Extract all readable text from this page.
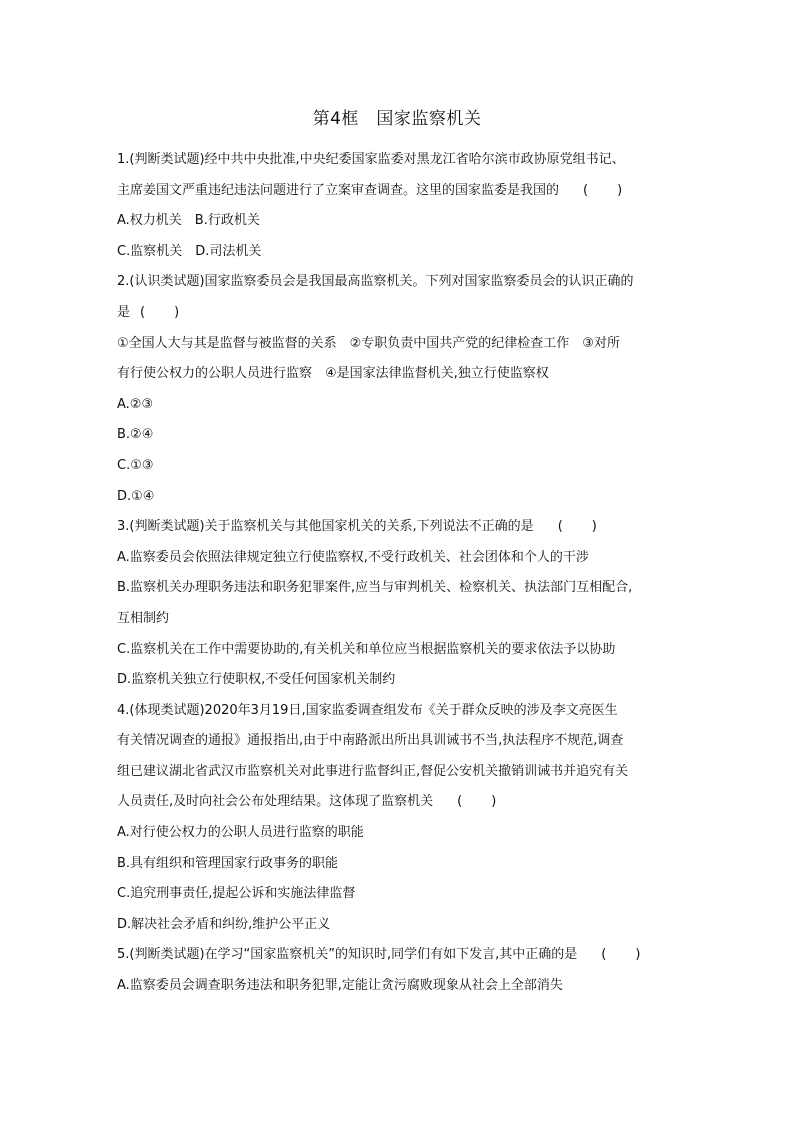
第4框　国家监察机关
1.(判断类试题)经中共中央批准,中央纪委国家监委对黑龙江省哈尔滨市政协原党组书记、
主席姜国文严重违纪违法问题进行了立案审查调查。这里的国家监委是我国的 (　　)
A.权力机关　B.行政机关
C.监察机关　D.司法机关
2.(认识类试题)国家监察委员会是我国最高监察机关。下列对国家监察委员会的认识正确的
是 (　　)
①全国人大与其是监督与被监督的关系　②专职负责中国共产党的纪律检查工作　③对所
有行使公权力的公职人员进行监察　④是国家法律监督机关,独立行使监察权
A.②③
B.②④
C.①③
D.①④
3.(判断类试题)关于监察机关与其他国家机关的关系,下列说法不正确的是 (　　)
A.监察委员会依照法律规定独立行使监察权,不受行政机关、社会团体和个人的干涉
B.监察机关办理职务违法和职务犯罪案件,应当与审判机关、检察机关、执法部门互相配合,
互相制约
C.监察机关在工作中需要协助的,有关机关和单位应当根据监察机关的要求依法予以协助
D.监察机关独立行使职权,不受任何国家机关制约
4.(体现类试题)2020年3月19日,国家监委调查组发布《关于群众反映的涉及李文亮医生
有关情况调查的通报》通报指出,由于中南路派出所出具训诫书不当,执法程序不规范,调查
组已建议湖北省武汉市监察机关对此事进行监督纠正,督促公安机关撤销训诫书并追究有关
人员责任,及时向社会公布处理结果。这体现了监察机关 (　　)
A.对行使公权力的公职人员进行监察的职能
B.具有组织和管理国家行政事务的职能
C.追究刑事责任,提起公诉和实施法律监督
D.解决社会矛盾和纠纷,维护公平正义
5.(判断类试题)在学习“国家监察机关”的知识时,同学们有如下发言,其中正确的是 (　　)
A.监察委员会调查职务违法和职务犯罪,定能让贪污腐败现象从社会上全部消失
